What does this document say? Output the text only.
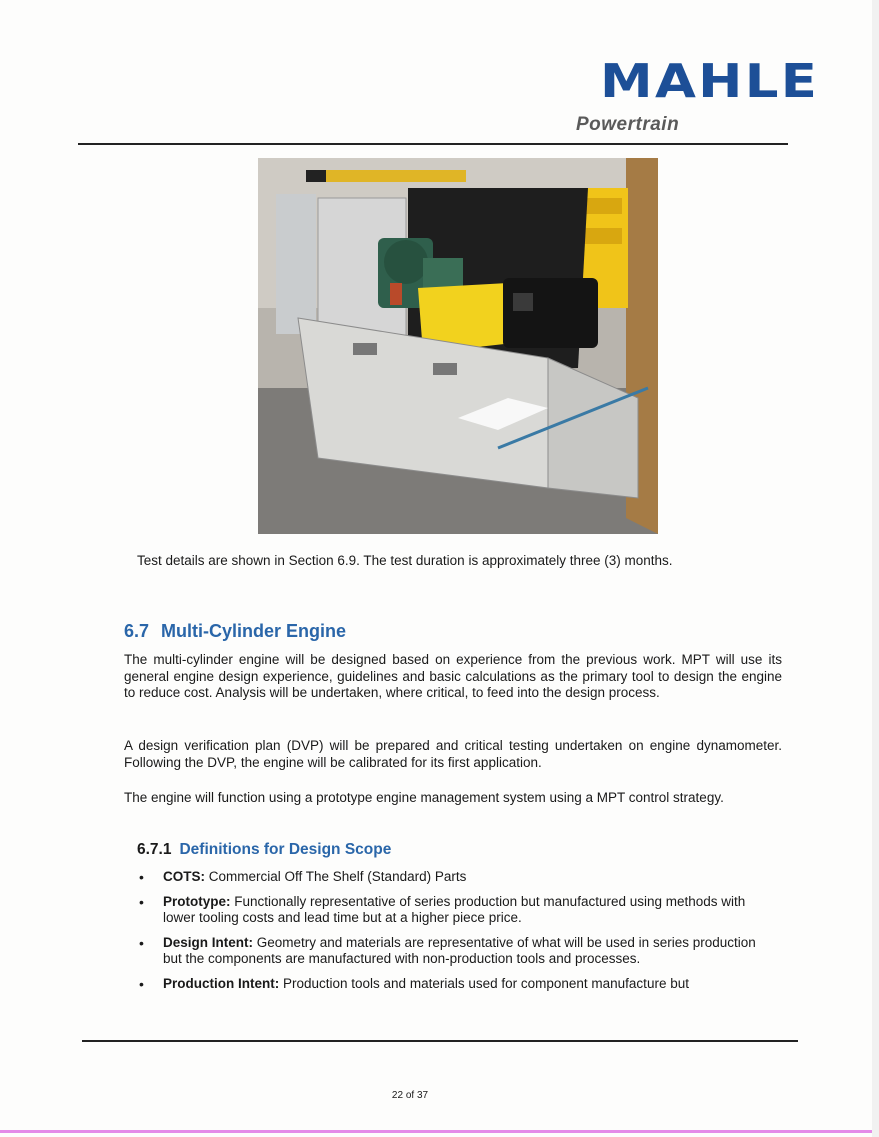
MAHLE
Powertrain
Test details are shown in Section 6.9. The test duration is approximately three (3) months.
6.7 Multi-Cylinder Engine
The multi-cylinder engine will be designed based on experience from the previous work. MPT will use its general engine design experience, guidelines and basic calculations as the primary tool to design the engine to reduce cost. Analysis will be undertaken, where critical, to feed into the design process.
A design verification plan (DVP) will be prepared and critical testing undertaken on engine dynamometer. Following the DVP, the engine will be calibrated for its first application.
The engine will function using a prototype engine management system using a MPT control strategy.
6.7.1 Definitions for Design Scope
• COTS: Commercial Off The Shelf (Standard) Parts
• Prototype: Functionally representative of series production but manufactured using methods with lower tooling costs and lead time but at a higher piece price.
• Design Intent: Geometry and materials are representative of what will be used in series production but the components are manufactured with non-production tools and processes.
• Production Intent: Production tools and materials used for component manufacture but
22 of 37
